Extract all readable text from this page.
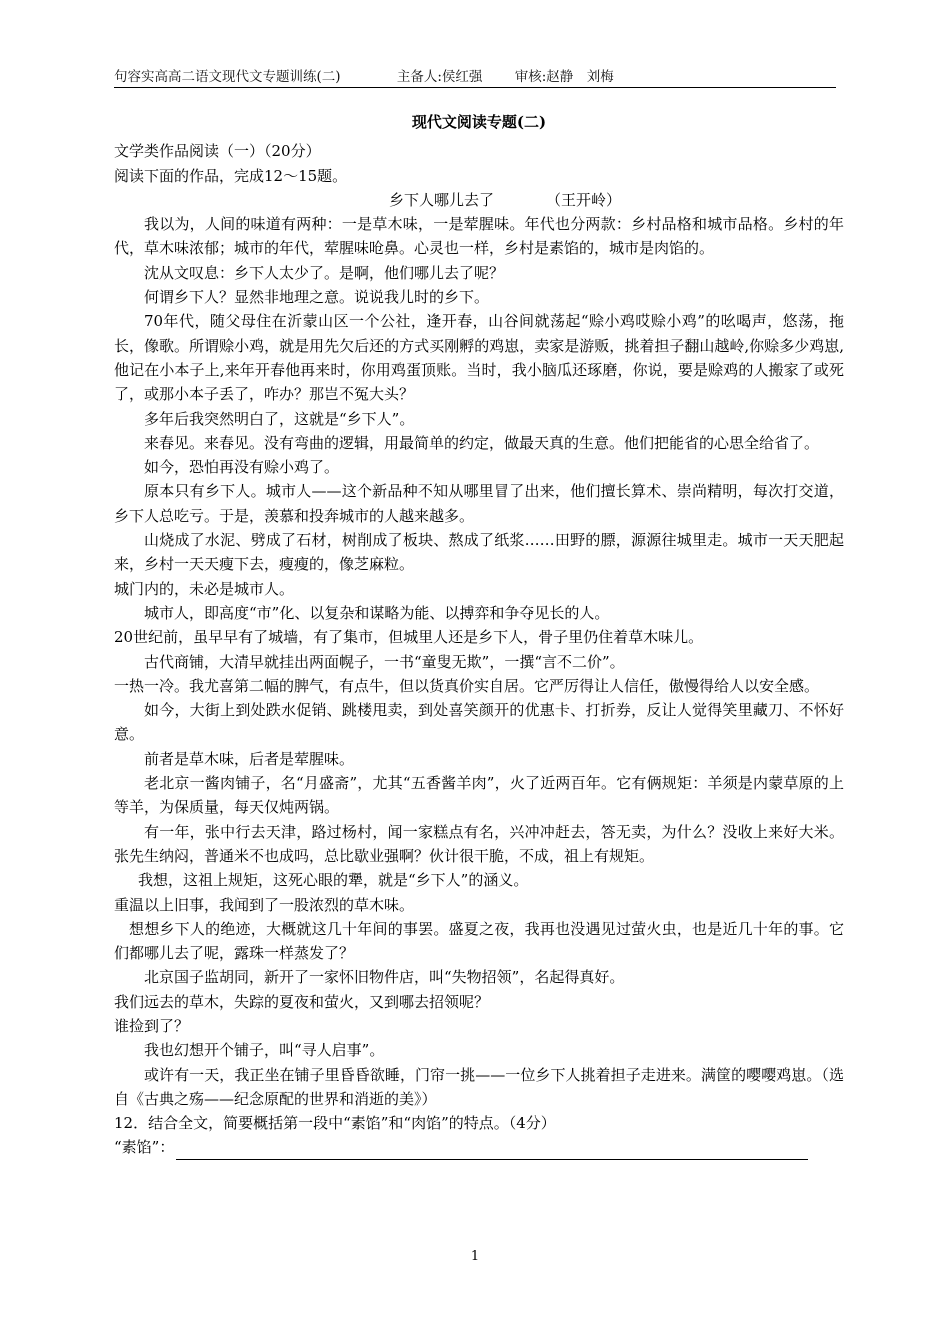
句容实高高二语文现代文专题训练(二)	主备人:侯红强 审核:赵静　刘梅

现代文阅读专题(二)

文学类作品阅读（一）（20分）

阅读下面的作品，完成12～15题。

乡下人哪儿去了	（王开岭）

我以为，人间的味道有两种：一是草木味，一是荤腥味。年代也分两款：乡村品格和城市品格。乡村的年代，草木味浓郁；城市的年代，荤腥味呛鼻。心灵也一样，乡村是素馅的，城市是肉馅的。

沈从文叹息：乡下人太少了。是啊，他们哪儿去了呢？

何谓乡下人？显然非地理之意。说说我儿时的乡下。

70年代，随父母住在沂蒙山区一个公社，逢开春，山谷间就荡起“赊小鸡哎赊小鸡”的吆喝声，悠荡，拖长，像歌。所谓赊小鸡，就是用先欠后还的方式买刚孵的鸡崽，卖家是游贩，挑着担子翻山越岭,你赊多少鸡崽,他记在小本子上,来年开春他再来时，你用鸡蛋顶账。当时，我小脑瓜还琢磨，你说，要是赊鸡的人搬家了或死了，或那小本子丢了，咋办？那岂不冤大头？

多年后我突然明白了，这就是“乡下人”。

来春见。来春见。没有弯曲的逻辑，用最简单的约定，做最天真的生意。他们把能省的心思全给省了。

如今，恐怕再没有赊小鸡了。

原本只有乡下人。城市人——这个新品种不知从哪里冒了出来，他们擅长算术、崇尚精明，每次打交道，乡下人总吃亏。于是，羡慕和投奔城市的人越来越多。

山烧成了水泥、劈成了石材，树削成了板块、熬成了纸浆……田野的膘，源源往城里走。城市一天天肥起来，乡村一天天瘦下去，瘦瘦的，像芝麻粒。

城门内的，未必是城市人。

城市人，即高度“市”化、以复杂和谋略为能、以搏弈和争夺见长的人。

20世纪前，虽早早有了城墙，有了集市，但城里人还是乡下人，骨子里仍住着草木味儿。

古代商铺，大清早就挂出两面幌子，一书“童叟无欺”，一撰“言不二价”。

一热一冷。我尤喜第二幅的脾气，有点牛，但以货真价实自居。它严厉得让人信任，傲慢得给人以安全感。

如今，大街上到处跌水促销、跳楼甩卖，到处喜笑颜开的优惠卡、打折券，反让人觉得笑里藏刀、不怀好意。

前者是草木味，后者是荤腥味。

老北京一酱肉铺子，名“月盛斋”，尤其“五香酱羊肉”，火了近两百年。它有俩规矩：羊须是内蒙草原的上等羊，为保质量，每天仅炖两锅。

有一年，张中行去天津，路过杨村，闻一家糕点有名，兴冲冲赶去，答无卖，为什么？没收上来好大米。张先生纳闷，普通米不也成吗，总比歇业强啊？伙计很干脆，不成，祖上有规矩。

我想，这祖上规矩，这死心眼的犟，就是“乡下人”的涵义。

重温以上旧事，我闻到了一股浓烈的草木味。

想想乡下人的绝迹，大概就这几十年间的事罢。盛夏之夜，我再也没遇见过萤火虫，也是近几十年的事。它们都哪儿去了呢，露珠一样蒸发了？

北京国子监胡同，新开了一家怀旧物件店，叫“失物招领”，名起得真好。

我们远去的草木，失踪的夏夜和萤火，又到哪去招领呢？

谁捡到了？

我也幻想开个铺子，叫“寻人启事”。

或许有一天，我正坐在铺子里昏昏欲睡，门帘一挑——一位乡下人挑着担子走进来。满筐的嘤嘤鸡崽。（选自《古典之殇——纪念原配的世界和消逝的美》）

12．结合全文，简要概括第一段中“素馅”和“肉馅”的特点。（4分）

“素馅”：

1
